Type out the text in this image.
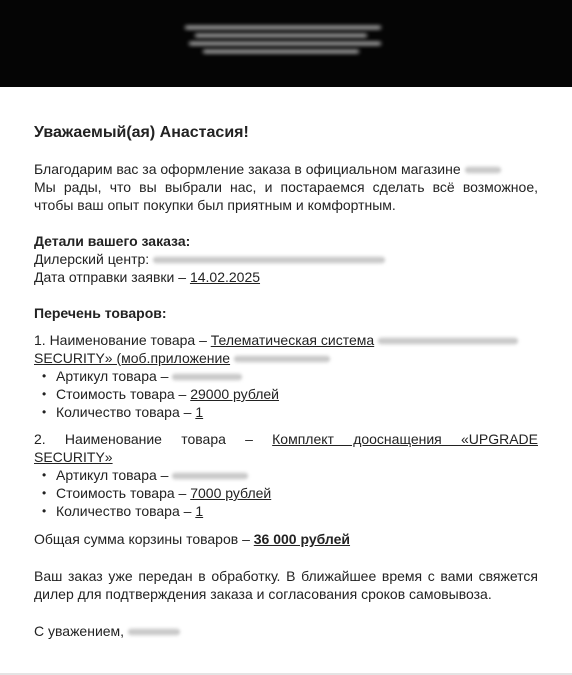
Уважаемый(ая) Анастасия!

Благодарим вас за оформление заказа в официальном магазине
Мы рады, что вы выбрали нас, и постараемся сделать всё возможное, чтобы ваш опыт покупки был приятным и комфортным.
Детали вашего заказа:
Дилерский центр:
Дата отправки заявки – 14.02.2025
Перечень товаров:
1. Наименование товара – Телематическая система
SECURITY» (моб.приложение
• Артикул товара –
• Стоимость товара – 29000 рублей
• Количество товара – 1
2. Наименование товара – Комплект дооснащения «UPGRADE
SECURITY»
• Артикул товара –
• Стоимость товара – 7000 рублей
• Количество товара – 1
Общая сумма корзины товаров – 36 000 рублей
Ваш заказ уже передан в обработку. В ближайшее время с вами свяжется дилер для подтверждения заказа и согласования сроков самовывоза.
С уважением,
